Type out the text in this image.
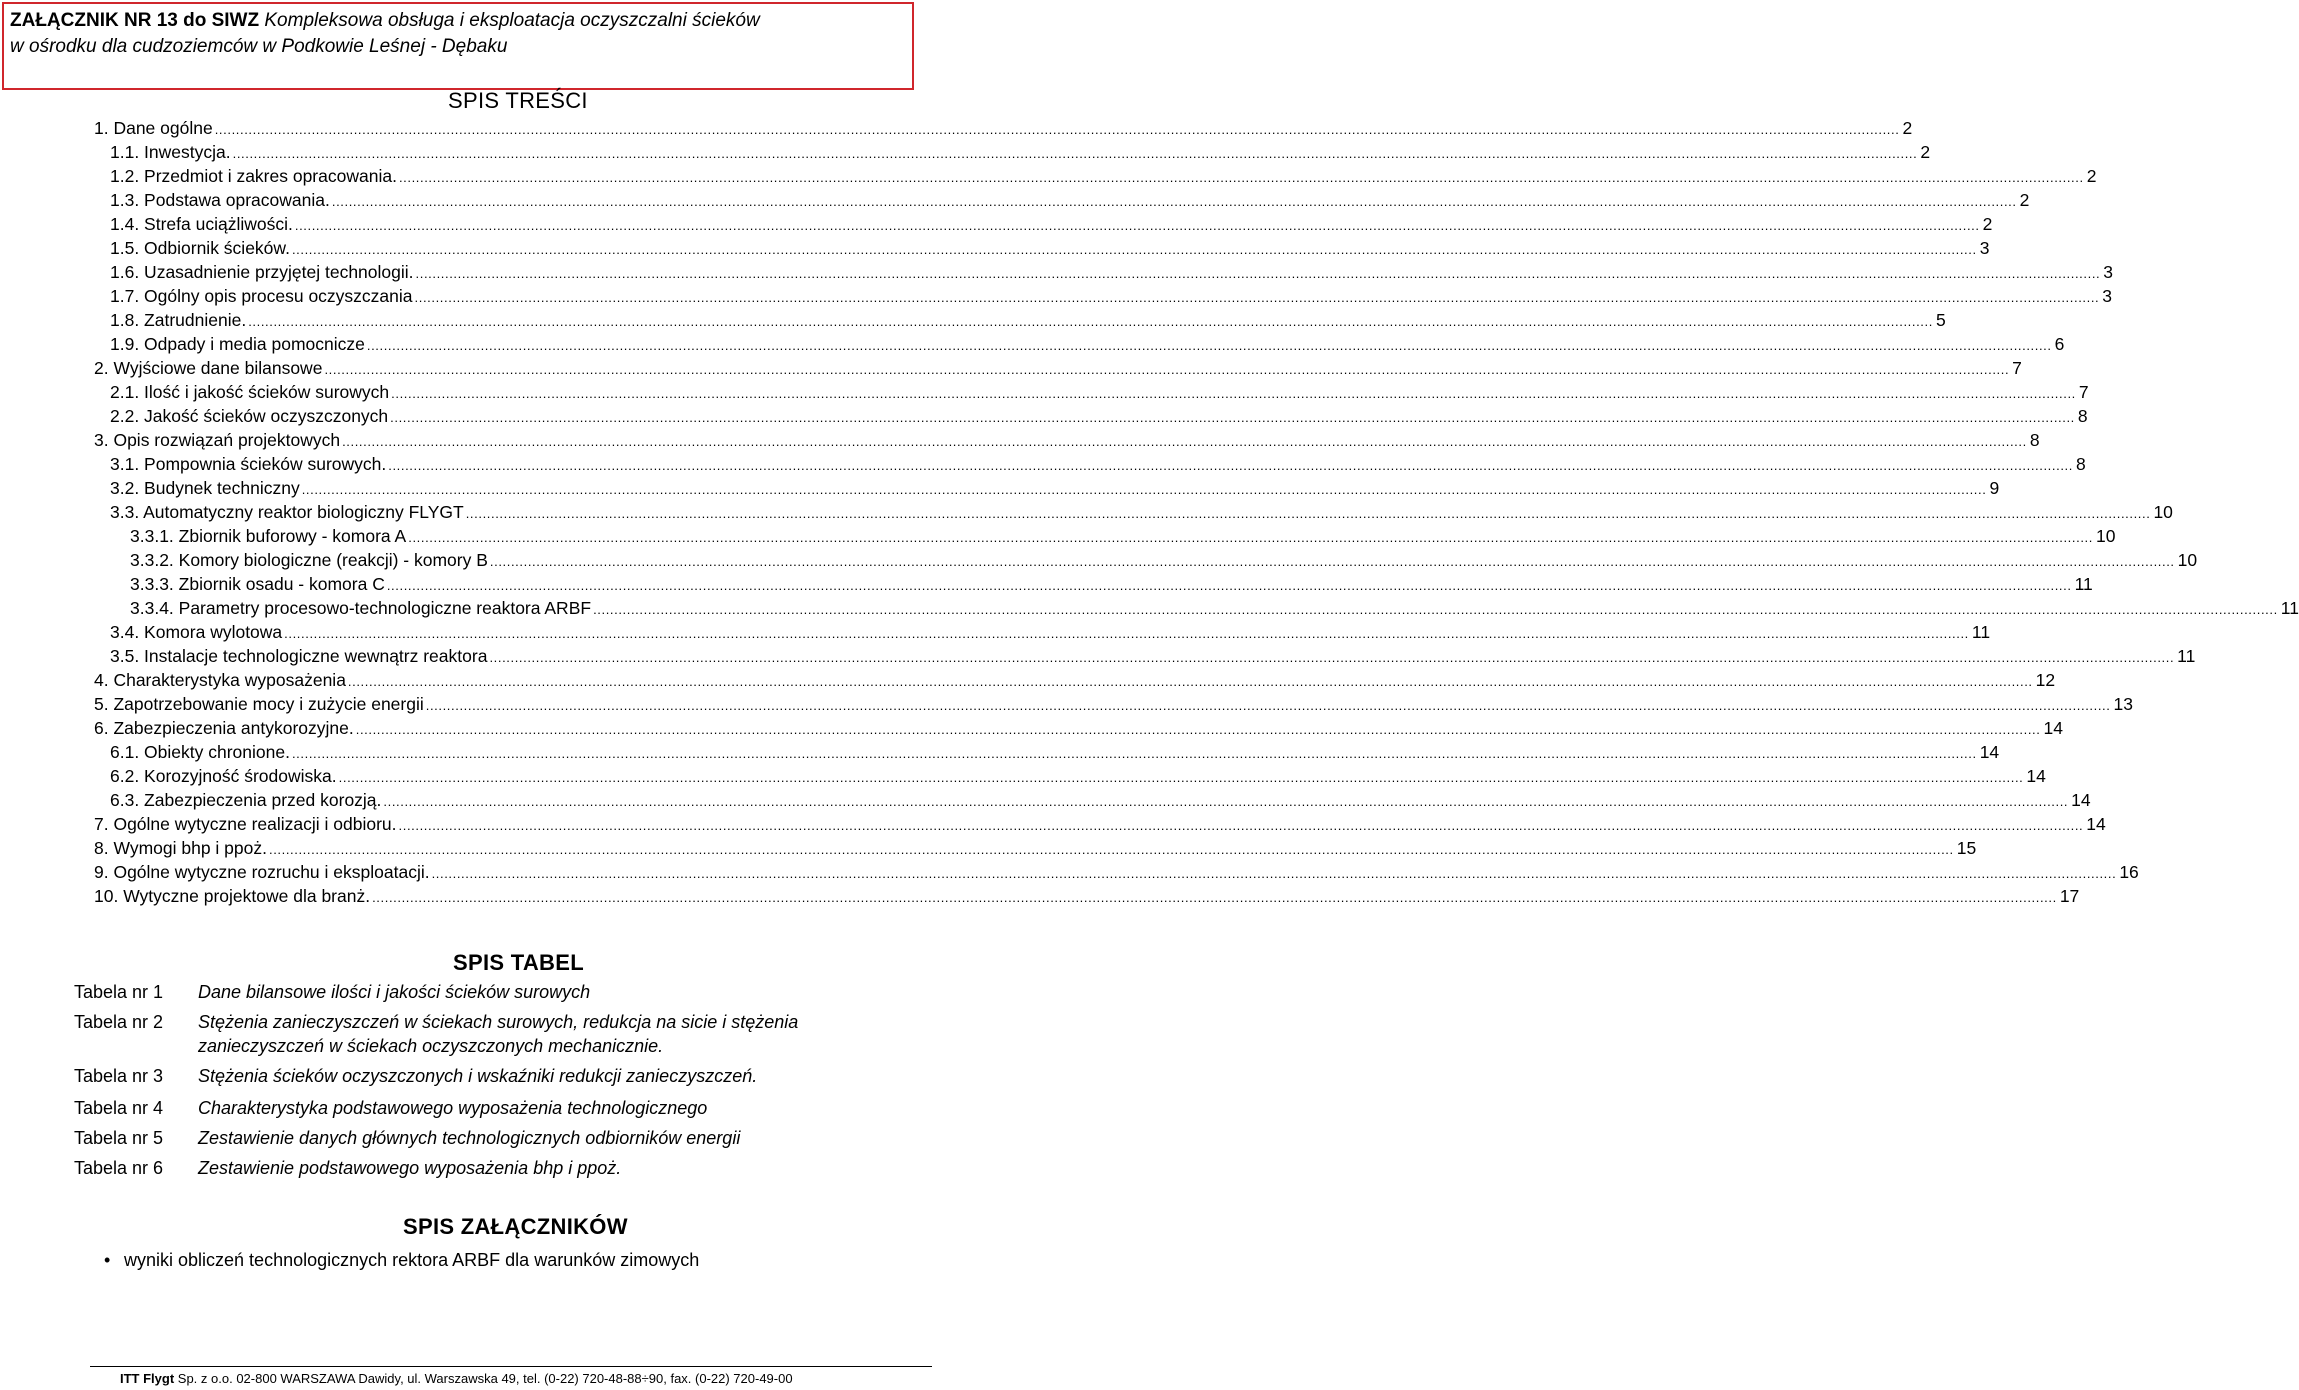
ZAŁĄCZNIK NR 13 do SIWZ Kompleksowa obsługa i eksploatacja oczyszczalni ścieków
w ośrodku dla cudzoziemców w Podkowie Leśnej - Dębaku
SPIS TREŚCI
1. Dane ogólne ................................................................................................................................................................................................................................................................................................................................................................................................................ 2
1.1. Inwestycja. ................................................................................................................................................................................................................................................................................................................................................................................................................ 2
1.2. Przedmiot i zakres opracowania. ................................................................................................................................................................................................................................................................................................................................................................................................................ 2
1.3. Podstawa opracowania. ................................................................................................................................................................................................................................................................................................................................................................................................................ 2
1.4. Strefa uciążliwości. ................................................................................................................................................................................................................................................................................................................................................................................................................ 2
1.5. Odbiornik ścieków. ................................................................................................................................................................................................................................................................................................................................................................................................................ 3
1.6. Uzasadnienie przyjętej technologii. ................................................................................................................................................................................................................................................................................................................................................................................................................ 3
1.7. Ogólny opis procesu oczyszczania ................................................................................................................................................................................................................................................................................................................................................................................................................ 3
1.8. Zatrudnienie. ................................................................................................................................................................................................................................................................................................................................................................................................................ 5
1.9. Odpady i media pomocnicze ................................................................................................................................................................................................................................................................................................................................................................................................................ 6
2. Wyjściowe dane bilansowe ................................................................................................................................................................................................................................................................................................................................................................................................................ 7
2.1. Ilość i jakość ścieków surowych ................................................................................................................................................................................................................................................................................................................................................................................................................ 7
2.2. Jakość ścieków oczyszczonych ................................................................................................................................................................................................................................................................................................................................................................................................................ 8
3. Opis rozwiązań projektowych ................................................................................................................................................................................................................................................................................................................................................................................................................ 8
3.1. Pompownia ścieków surowych. ................................................................................................................................................................................................................................................................................................................................................................................................................ 8
3.2. Budynek techniczny ................................................................................................................................................................................................................................................................................................................................................................................................................ 9
3.3. Automatyczny reaktor biologiczny FLYGT ................................................................................................................................................................................................................................................................................................................................................................................................................ 10
3.3.1. Zbiornik buforowy - komora A ................................................................................................................................................................................................................................................................................................................................................................................................................ 10
3.3.2. Komory biologiczne (reakcji) - komory B ................................................................................................................................................................................................................................................................................................................................................................................................................ 10
3.3.3. Zbiornik osadu - komora C ................................................................................................................................................................................................................................................................................................................................................................................................................ 11
3.3.4. Parametry procesowo-technologiczne reaktora ARBF ................................................................................................................................................................................................................................................................................................................................................................................................................ 11
3.4. Komora wylotowa ................................................................................................................................................................................................................................................................................................................................................................................................................ 11
3.5. Instalacje technologiczne wewnątrz reaktora ................................................................................................................................................................................................................................................................................................................................................................................................................ 11
4. Charakterystyka wyposażenia ................................................................................................................................................................................................................................................................................................................................................................................................................ 12
5. Zapotrzebowanie mocy i zużycie energii ................................................................................................................................................................................................................................................................................................................................................................................................................ 13
6. Zabezpieczenia antykorozyjne. ................................................................................................................................................................................................................................................................................................................................................................................................................ 14
6.1. Obiekty chronione. ................................................................................................................................................................................................................................................................................................................................................................................................................ 14
6.2. Korozyjność środowiska. ................................................................................................................................................................................................................................................................................................................................................................................................................ 14
6.3. Zabezpieczenia przed korozją. ................................................................................................................................................................................................................................................................................................................................................................................................................ 14
7. Ogólne wytyczne realizacji i odbioru. ................................................................................................................................................................................................................................................................................................................................................................................................................ 14
8. Wymogi bhp i ppoż. ................................................................................................................................................................................................................................................................................................................................................................................................................ 15
9. Ogólne wytyczne rozruchu i eksploatacji. ................................................................................................................................................................................................................................................................................................................................................................................................................ 16
10. Wytyczne projektowe dla branż. ................................................................................................................................................................................................................................................................................................................................................................................................................ 17
SPIS TABEL
Tabela nr 1	Dane bilansowe ilości i jakości ścieków surowych
Tabela nr 2	Stężenia zanieczyszczeń w ściekach surowych, redukcja na sicie i stężenia zanieczyszczeń w ściekach oczyszczonych mechanicznie.
Tabela nr 3	Stężenia ścieków oczyszczonych i wskaźniki redukcji zanieczyszczeń.
Tabela nr 4	Charakterystyka podstawowego wyposażenia technologicznego
Tabela nr 5	Zestawienie danych głównych technologicznych odbiorników energii
Tabela nr 6	Zestawienie podstawowego wyposażenia bhp i ppoż.
SPIS ZAŁĄCZNIKÓW
• wyniki obliczeń technologicznych rektora ARBF dla warunków zimowych
ITT Flygt Sp. z o.o. 02-800 WARSZAWA Dawidy, ul. Warszawska 49, tel. (0-22) 720-48-88÷90, fax. (0-22) 720-49-00
